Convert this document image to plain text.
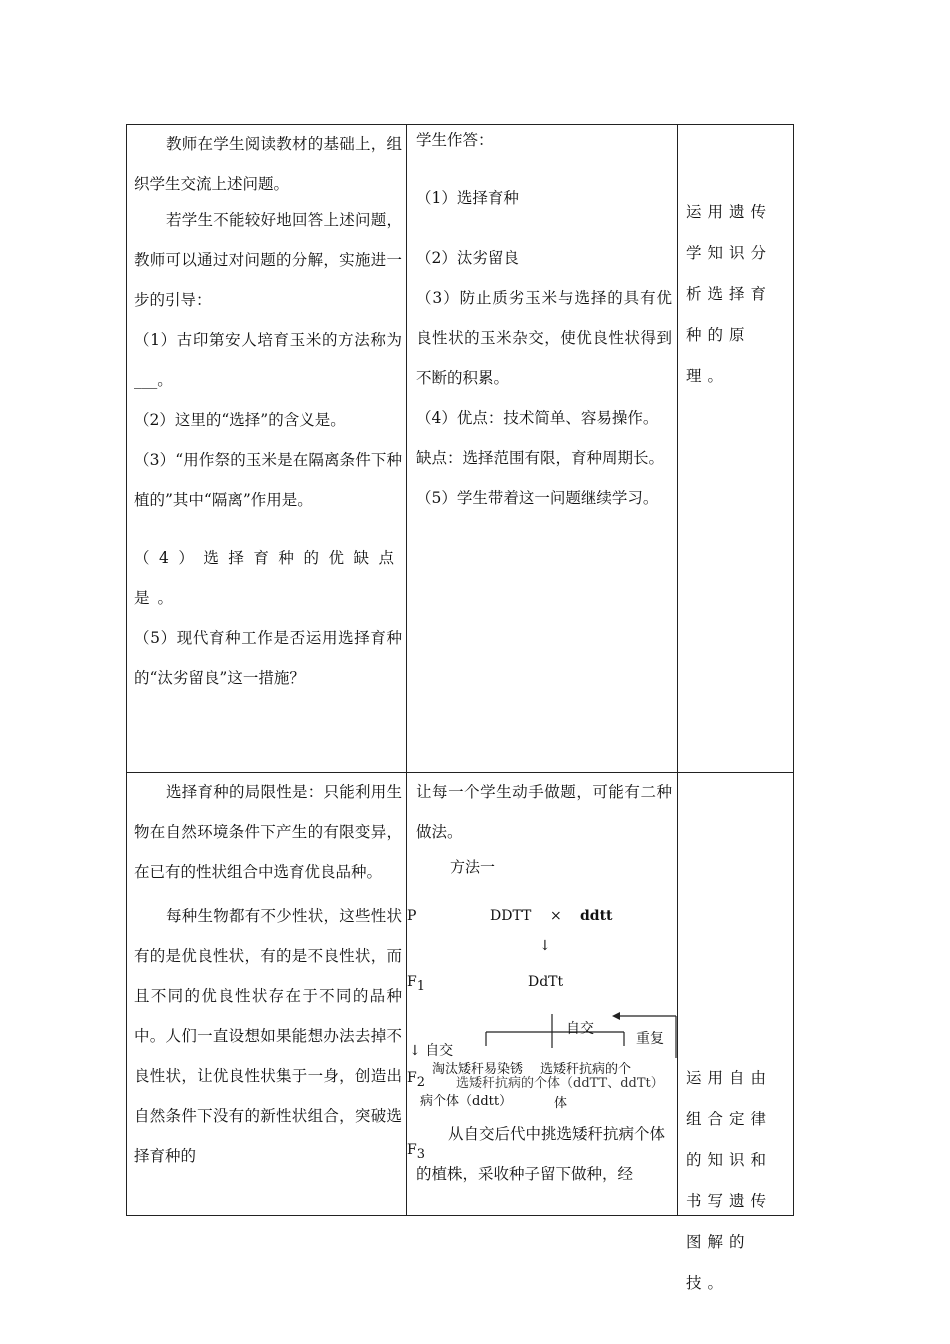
教师在学生阅读教材的基础上，组织学生交流上述问题。

若学生不能较好地回答上述问题，教师可以通过对问题的分解，实施进一步的引导：

（1）古印第安人培育玉米的方法称为___。

（2）这里的“选择”的含义是。

（3）“用作祭的玉米是在隔离条件下种植的”其中“隔离”作用是。

（4）选择育种的优缺点是。

（5）现代育种工作是否运用选择育种的“汰劣留良”这一措施？

学生作答：

（1）选择育种

（2）汰劣留良

（3）防止质劣玉米与选择的具有优良性状的玉米杂交，使优良性状得到不断的积累。

（4）优点：技术简单、容易操作。

缺点：选择范围有限，育种周期长。

（5）学生带着这一问题继续学习。

运用遗传学知识分析选择育种的原理。

选择育种的局限性是：只能利用生物在自然环境条件下产生的有限变异，在已有的性状组合中选育优良品种。

每种生物都有不少性状，这些性状有的是优良性状，有的是不良性状，而且不同的优良性状存在于不同的品种中。人们一直设想如果能想办法去掉不良性状，让优良性状集于一身，创造出自然条件下没有的新性状组合，突破选择育种的

让每一个学生动手做题，可能有二种做法。

方法一
P	DDTT × ddtt
↓
$F_1$	DdTt
自交
重复
↓ 自交
$F_2$
淘汰矮秆易染锈
病个体（ddtt）
选矮秆抗病的个体（ddTT、ddTt）
选矮秆抗病的个
体
$F_3$

从自交后代中挑选矮秆抗病个体的植株，采收种子留下做种，经

运用自由组合定律的知识和书写遗传图解的技。
